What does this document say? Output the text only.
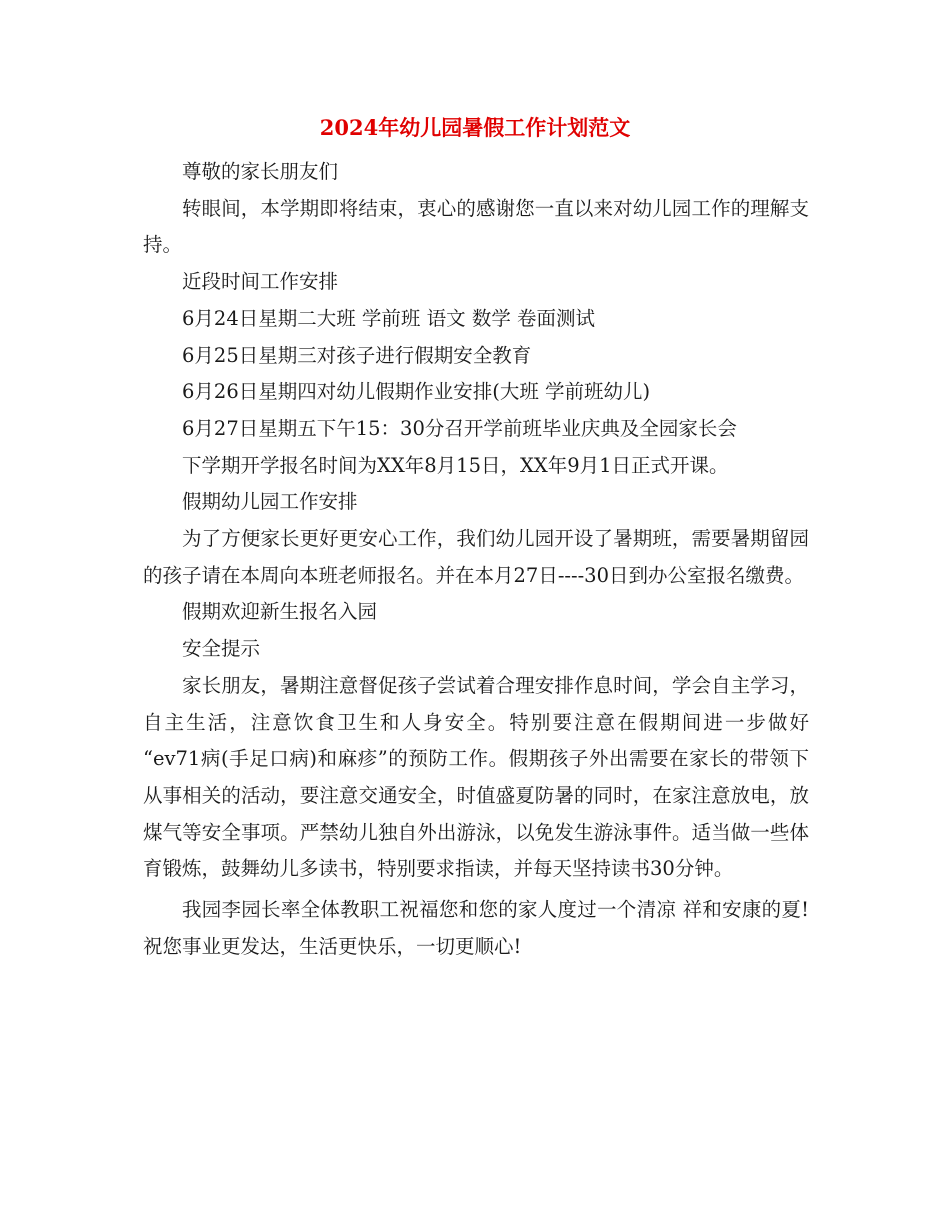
2024年幼儿园暑假工作计划范文

尊敬的家长朋友们

转眼间，本学期即将结束，衷心的感谢您一直以来对幼儿园工作的理解支持。

近段时间工作安排

6月24日星期二大班 学前班 语文 数学 卷面测试

6月25日星期三对孩子进行假期安全教育

6月26日星期四对幼儿假期作业安排(大班 学前班幼儿)

6月27日星期五下午15：30分召开学前班毕业庆典及全园家长会

下学期开学报名时间为XX年8月15日，XX年9月1日正式开课。

假期幼儿园工作安排

为了方便家长更好更安心工作，我们幼儿园开设了暑期班，需要暑期留园的孩子请在本周向本班老师报名。并在本月27日----30日到办公室报名缴费。

假期欢迎新生报名入园

安全提示

家长朋友，暑期注意督促孩子尝试着合理安排作息时间，学会自主学习，自主生活，注意饮食卫生和人身安全。特别要注意在假期间进一步做好 “ev71病(手足口病)和麻疹”的预防工作。假期孩子外出需要在家长的带领下从事相关的活动，要注意交通安全，时值盛夏防暑的同时，在家注意放电，放煤气等安全事项。严禁幼儿独自外出游泳，以免发生游泳事件。适当做一些体育锻炼，鼓舞幼儿多读书，特别要求指读，并每天坚持读书30分钟。

我园李园长率全体教职工祝福您和您的家人度过一个清凉 祥和安康的夏!祝您事业更发达，生活更快乐，一切更顺心!
